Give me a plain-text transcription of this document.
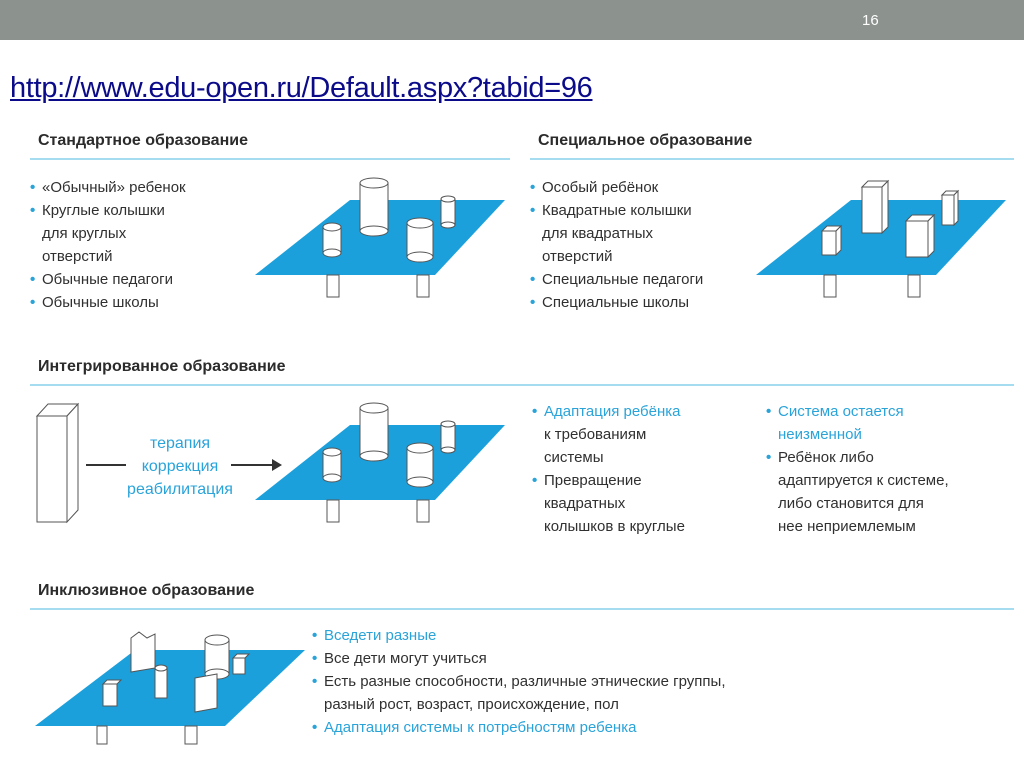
16
http://www.edu-open.ru/Default.aspx?tabid=96
Стандартное образование
• «Обычный» ребенок
• Круглые колышки
для круглых
отверстий
• Обычные педагоги
• Обычные школы
Специальное образование
• Особый ребёнок
• Квадратные колышки
для квадратных
отверстий
• Специальные педагоги
• Специальные школы
Интегрированное образование
терапия
коррекция
реабилитация
• Адаптация ребёнка
к требованиям
системы
• Превращение
квадратных
колышков в круглые
• Система остается
неизменной
• Ребёнок либо
адаптируется к системе,
либо становится для
нее неприемлемым
Инклюзивное образование
• Вседети разные
• Все дети могут учиться
• Есть разные способности, различные этнические группы,
разный рост, возраст, происхождение, пол
• Адаптация системы к потребностям ребенка
